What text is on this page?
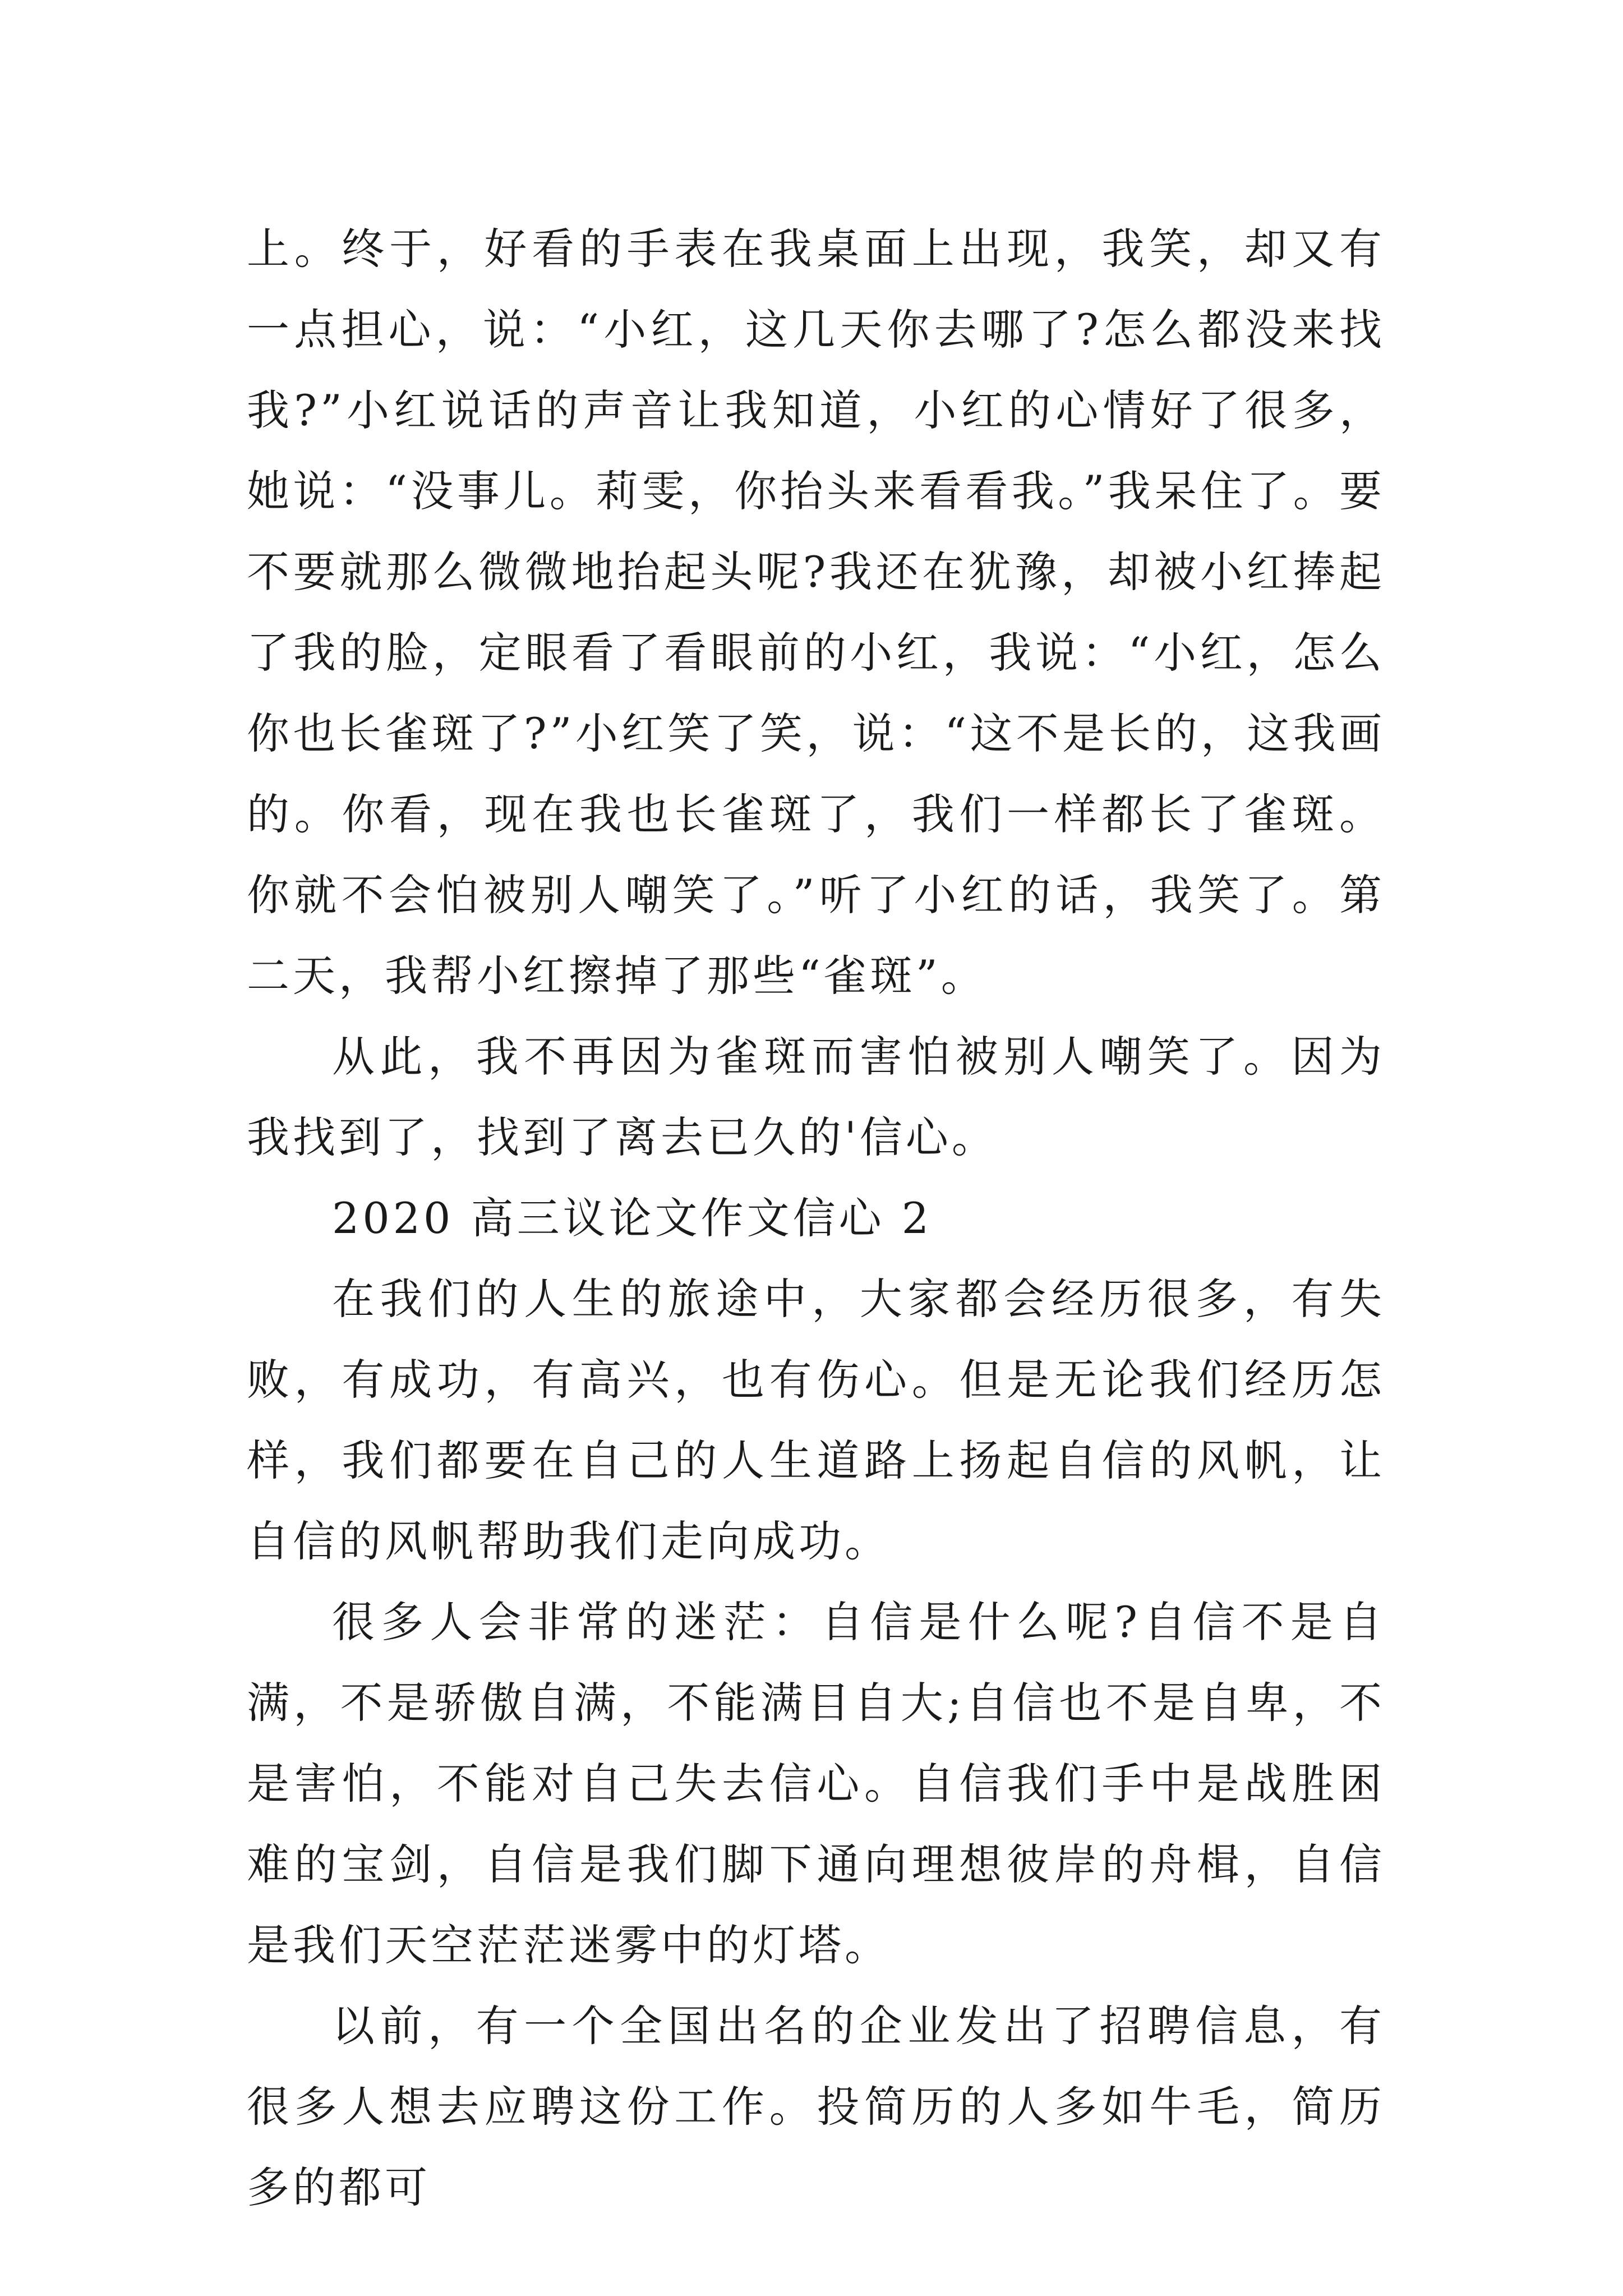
上。终于，好看的手表在我桌面上出现，我笑，却又有一点担心，说：“小红，这几天你去哪了?怎么都没来找我?”小红说话的声音让我知道，小红的心情好了很多，她说：“没事儿。莉雯，你抬头来看看我。”我呆住了。要不要就那么微微地抬起头呢?我还在犹豫，却被小红捧起了我的脸，定眼看了看眼前的小红，我说：“小红，怎么你也长雀斑了?”小红笑了笑，说：“这不是长的，这我画的。你看，现在我也长雀斑了，我们一样都长了雀斑。你就不会怕被别人嘲笑了。”听了小红的话，我笑了。第二天，我帮小红擦掉了那些“雀斑”。

从此，我不再因为雀斑而害怕被别人嘲笑了。因为我找到了，找到了离去已久的'信心。

2020 高三议论文作文信心 2

在我们的人生的旅途中，大家都会经历很多，有失败，有成功，有高兴，也有伤心。但是无论我们经历怎样，我们都要在自己的人生道路上扬起自信的风帆，让自信的风帆帮助我们走向成功。

很多人会非常的迷茫：自信是什么呢?自信不是自满，不是骄傲自满，不能满目自大;自信也不是自卑，不是害怕，不能对自己失去信心。自信我们手中是战胜困难的宝剑，自信是我们脚下通向理想彼岸的舟楫，自信是我们天空茫茫迷雾中的灯塔。

以前，有一个全国出名的企业发出了招聘信息，有很多人想去应聘这份工作。投简历的人多如牛毛，简历多的都可
